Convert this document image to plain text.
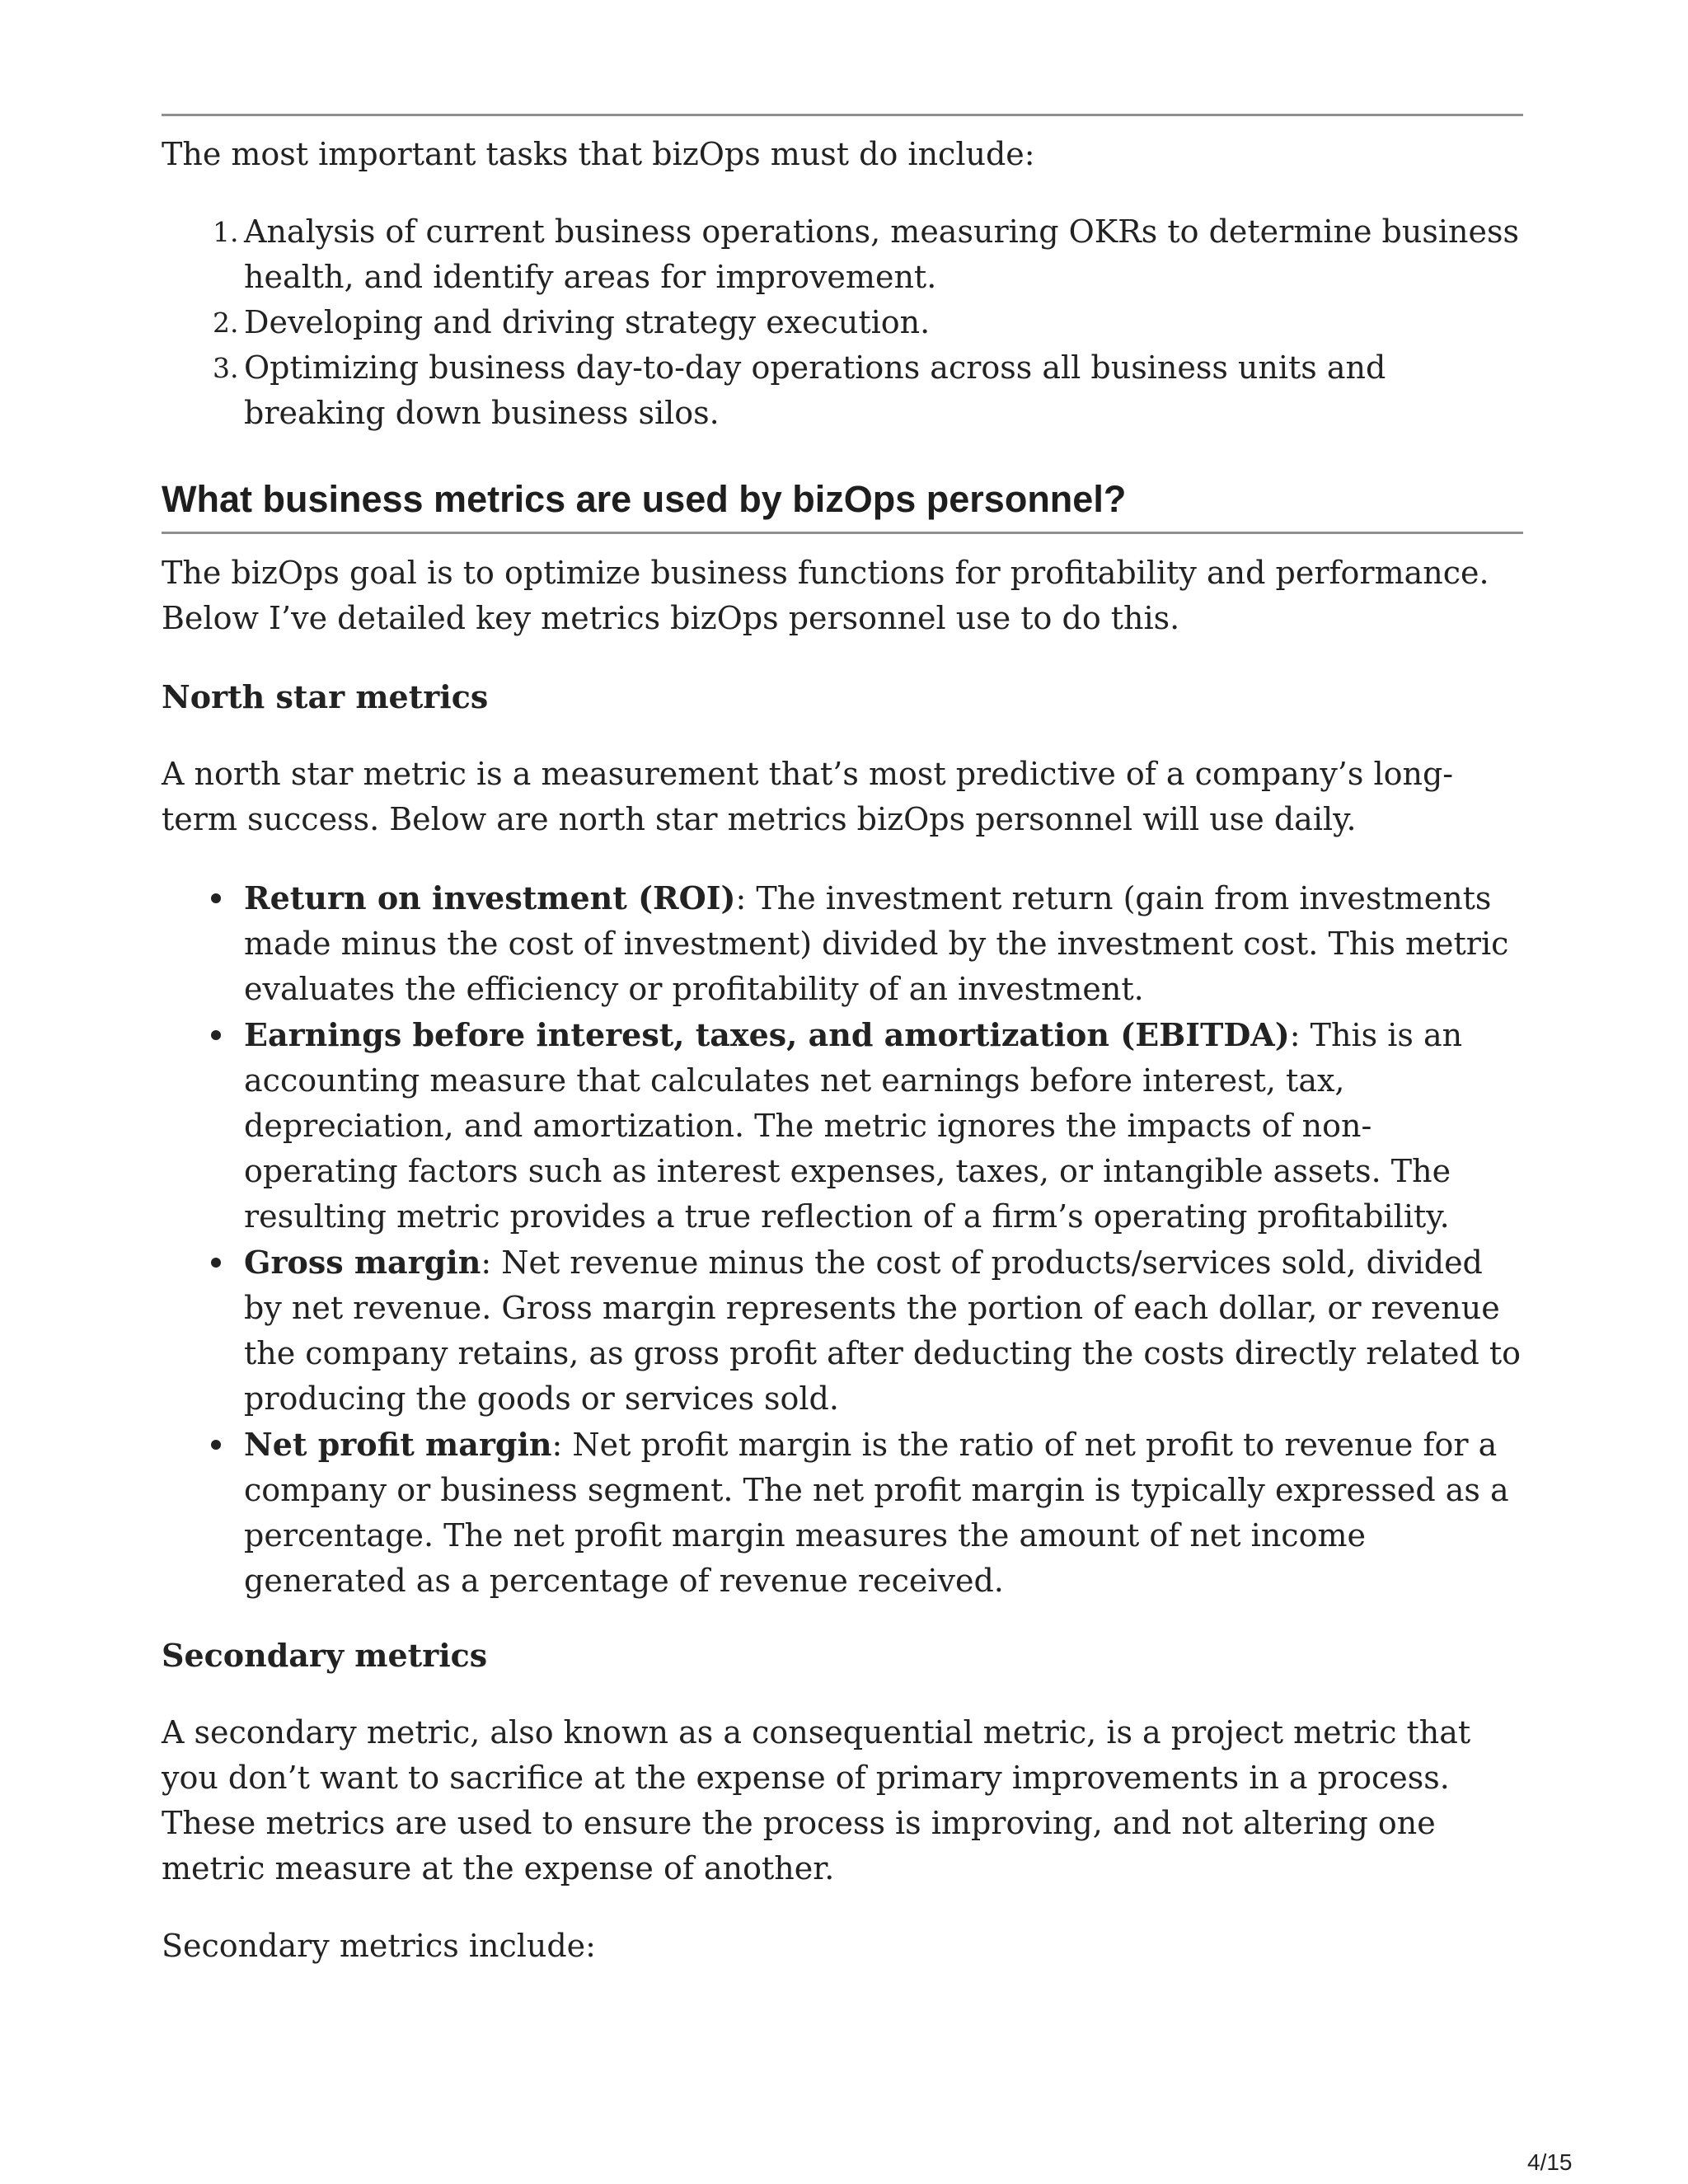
The most important tasks that bizOps must do include:

1. Analysis of current business operations, measuring OKRs to determine business health, and identify areas for improvement.
2. Developing and driving strategy execution.
3. Optimizing business day-to-day operations across all business units and breaking down business silos.
What business metrics are used by bizOps personnel?

The bizOps goal is to optimize business functions for profitability and performance. Below I’ve detailed key metrics bizOps personnel use to do this.

North star metrics

A north star metric is a measurement that’s most predictive of a company’s long-term success. Below are north star metrics bizOps personnel will use daily.

Return on investment (ROI): The investment return (gain from investments made minus the cost of investment) divided by the investment cost. This metric evaluates the efficiency or profitability of an investment.
Earnings before interest, taxes, and amortization (EBITDA): This is an accounting measure that calculates net earnings before interest, tax, depreciation, and amortization. The metric ignores the impacts of non-operating factors such as interest expenses, taxes, or intangible assets. The resulting metric provides a true reflection of a firm’s operating profitability.
Gross margin: Net revenue minus the cost of products/services sold, divided by net revenue. Gross margin represents the portion of each dollar, or revenue the company retains, as gross profit after deducting the costs directly related to producing the goods or services sold.
Net profit margin: Net profit margin is the ratio of net profit to revenue for a company or business segment. The net profit margin is typically expressed as a percentage. The net profit margin measures the amount of net income generated as a percentage of revenue received.
Secondary metrics

A secondary metric, also known as a consequential metric, is a project metric that you don’t want to sacrifice at the expense of primary improvements in a process. These metrics are used to ensure the process is improving, and not altering one metric measure at the expense of another.

Secondary metrics include:

4/15
